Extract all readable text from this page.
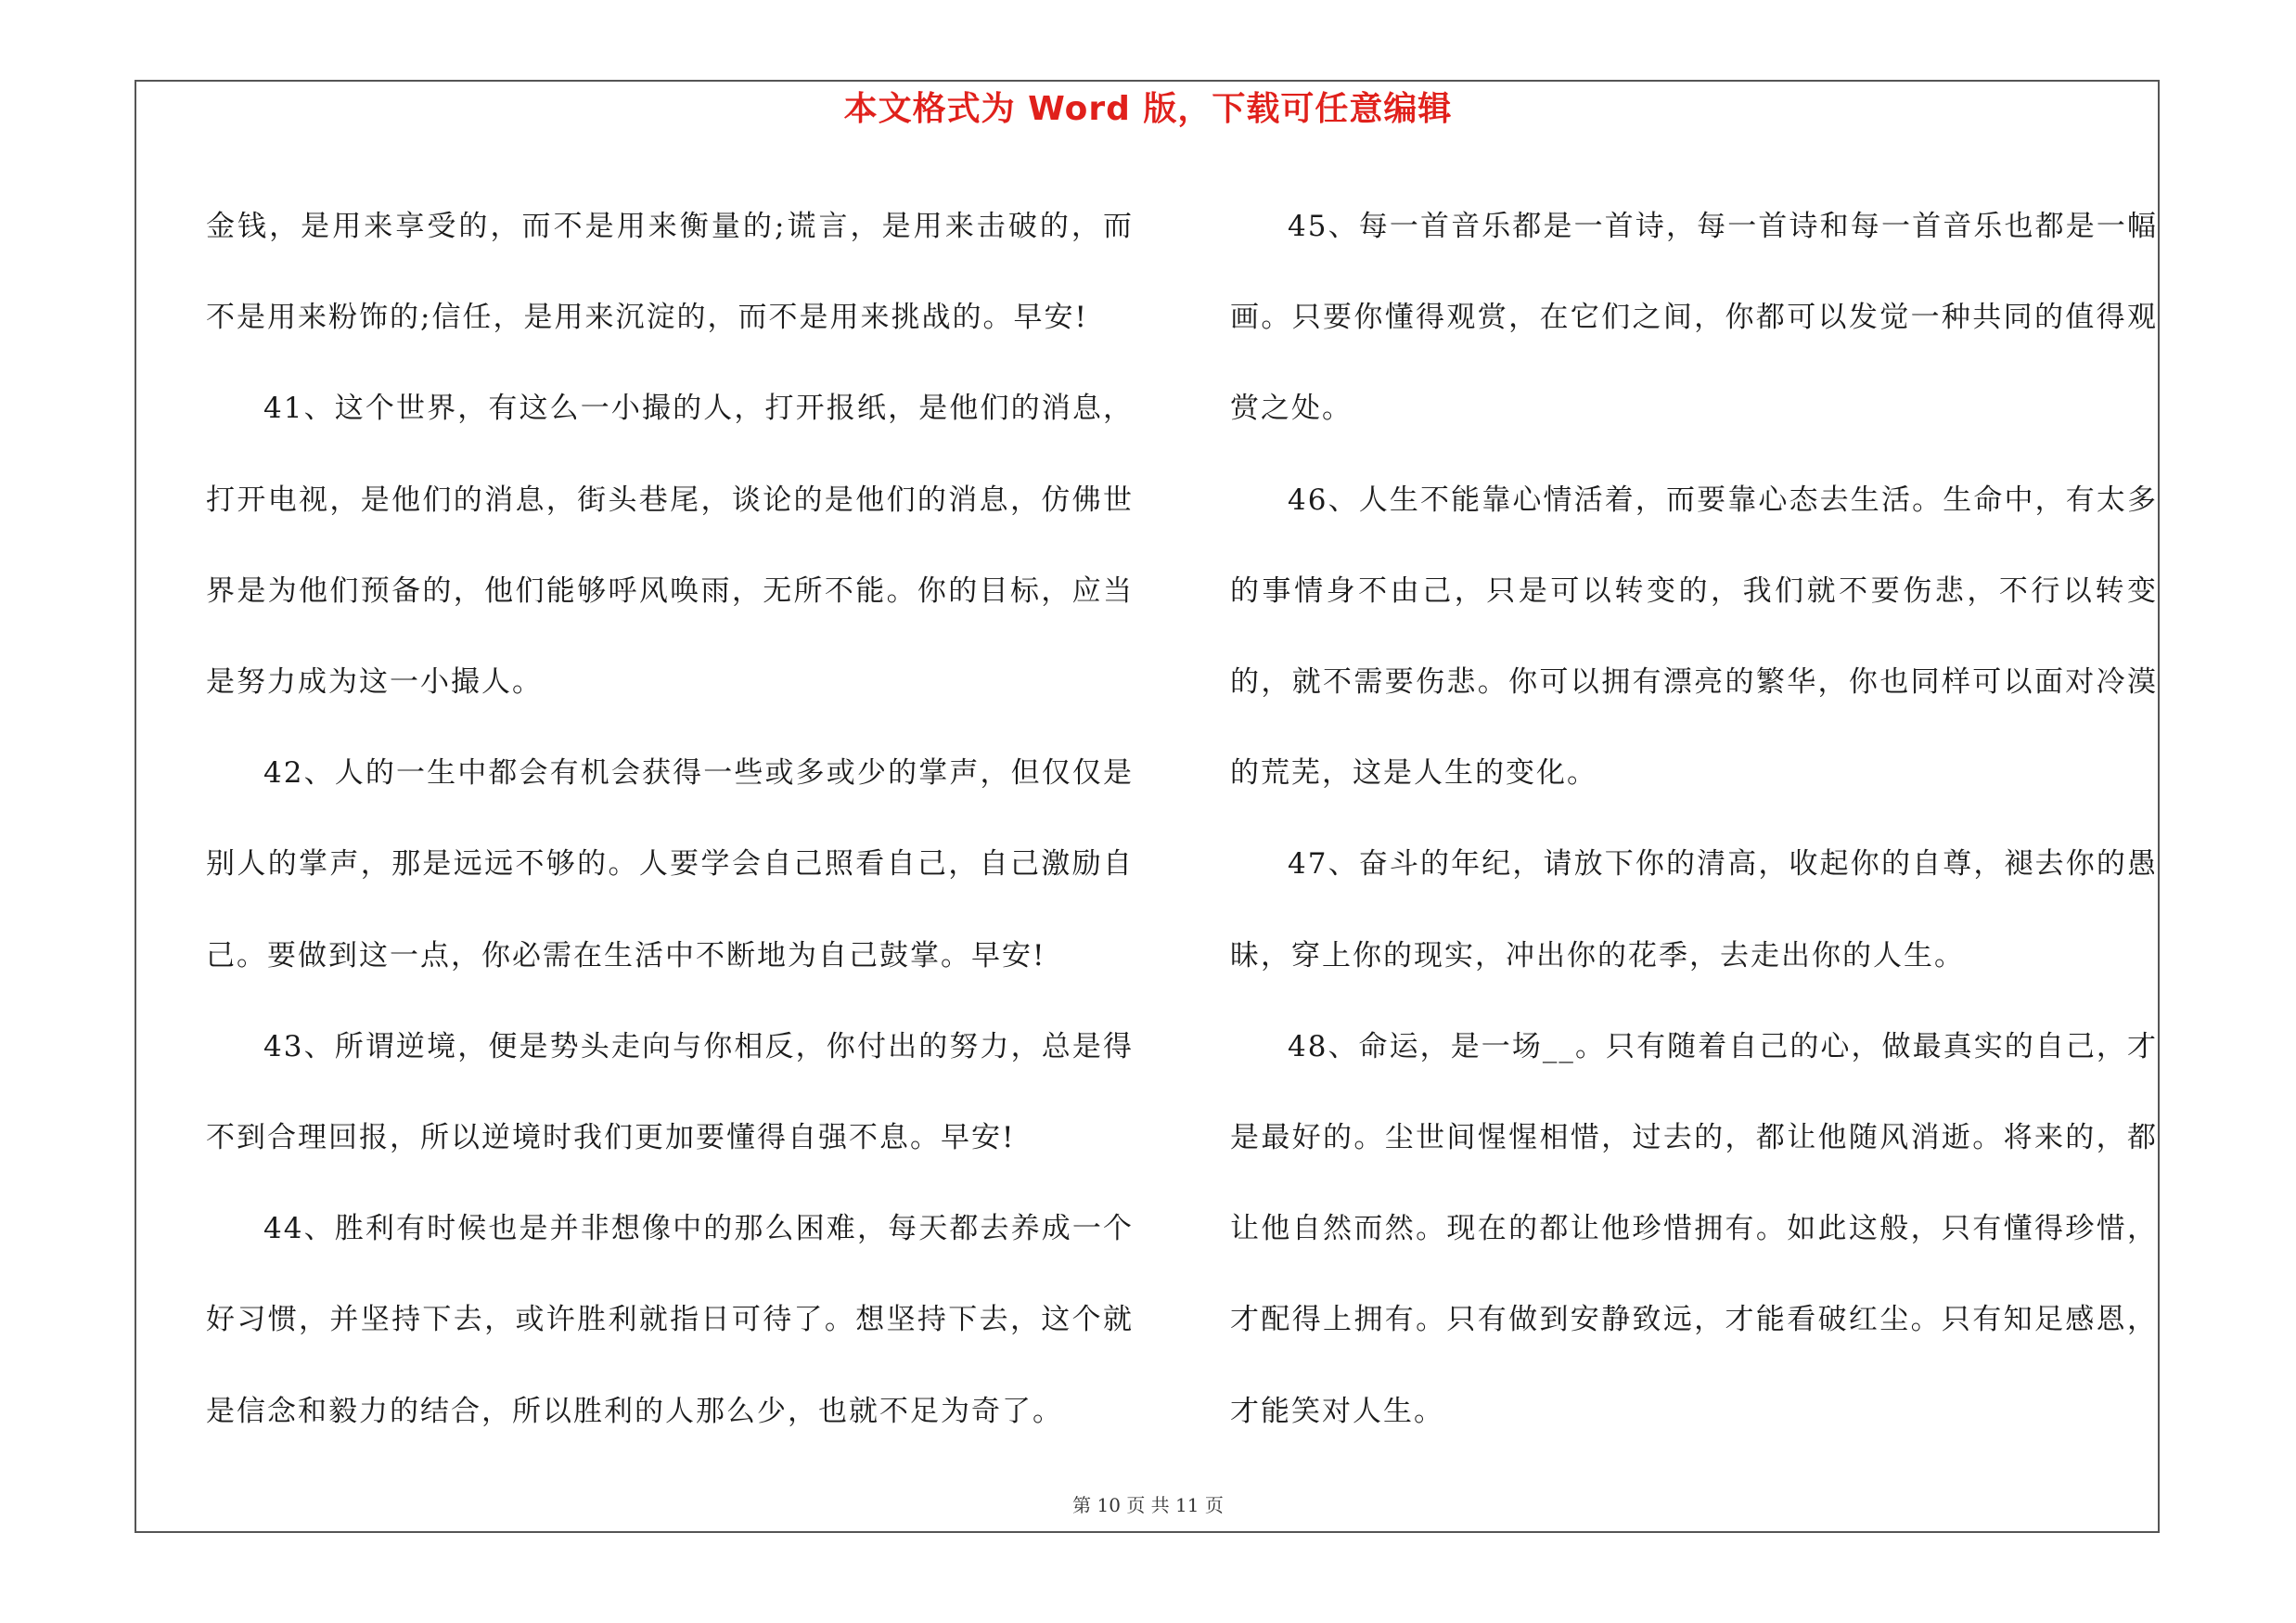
本文格式为 Word 版，下载可任意编辑

金钱，是用来享受的，而不是用来衡量的;谎言，是用来击破的，而不是用来粉饰的;信任，是用来沉淀的，而不是用来挑战的。早安!

41、这个世界，有这么一小撮的人，打开报纸，是他们的消息，打开电视，是他们的消息，街头巷尾，谈论的是他们的消息，仿佛世界是为他们预备的，他们能够呼风唤雨，无所不能。你的目标，应当是努力成为这一小撮人。

42、人的一生中都会有机会获得一些或多或少的掌声，但仅仅是别人的掌声，那是远远不够的。人要学会自己照看自己，自己激励自己。要做到这一点，你必需在生活中不断地为自己鼓掌。早安!

43、所谓逆境，便是势头走向与你相反，你付出的努力，总是得不到合理回报，所以逆境时我们更加要懂得自强不息。早安!

44、胜利有时候也是并非想像中的那么困难，每天都去养成一个好习惯，并坚持下去，或许胜利就指日可待了。想坚持下去，这个就是信念和毅力的结合，所以胜利的人那么少，也就不足为奇了。

45、每一首音乐都是一首诗，每一首诗和每一首音乐也都是一幅画。只要你懂得观赏，在它们之间，你都可以发觉一种共同的值得观赏之处。

46、人生不能靠心情活着，而要靠心态去生活。生命中，有太多的事情身不由己，只是可以转变的，我们就不要伤悲，不行以转变的，就不需要伤悲。你可以拥有漂亮的繁华，你也同样可以面对冷漠的荒芜，这是人生的变化。

47、奋斗的年纪，请放下你的清高，收起你的自尊，褪去你的愚昧，穿上你的现实，冲出你的花季，去走出你的人生。

48、命运，是一场__。只有随着自己的心，做最真实的自己，才是最好的。尘世间惺惺相惜，过去的，都让他随风消逝。将来的，都让他自然而然。现在的都让他珍惜拥有。如此这般，只有懂得珍惜，才配得上拥有。只有做到安静致远，才能看破红尘。只有知足感恩，才能笑对人生。

第 10 页 共 11 页
